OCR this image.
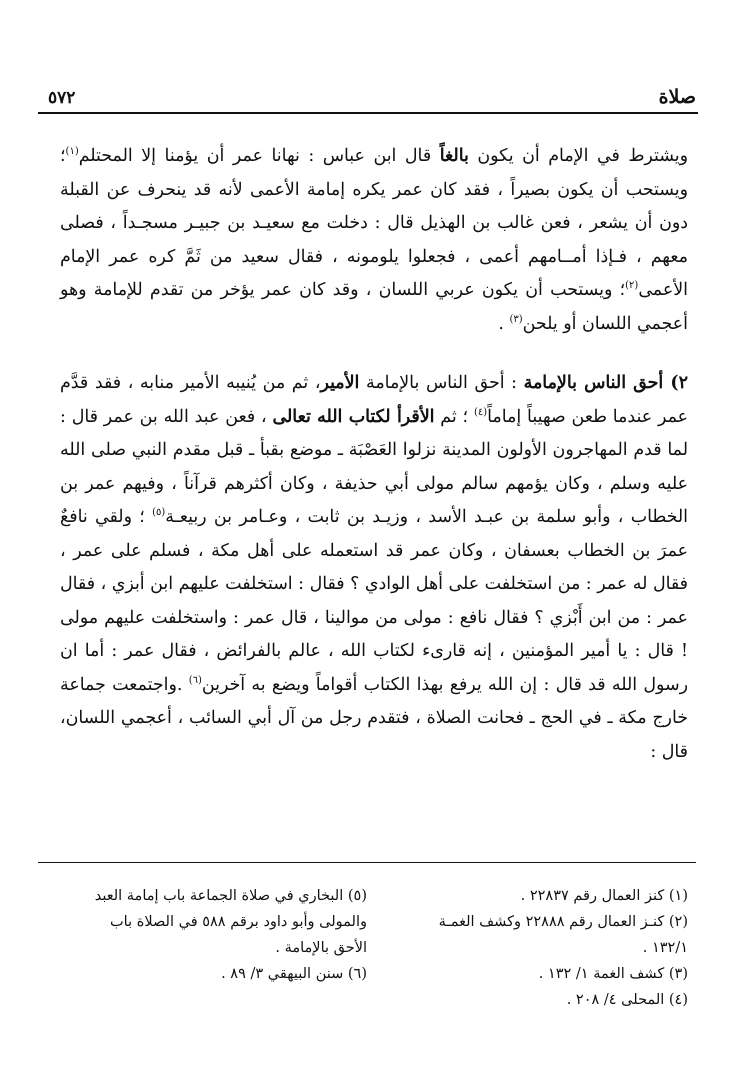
صلاة
٥٧٢

ويشترط في الإمام أن يكون بالغاً قال ابن عباس : نهانا عمر أن يؤمنا إلا المحتلم$^{(١)}$؛ويستحب أن يكون بصيراً ، فقد كان عمر يكره إمامة الأعمى لأنه قد ينحرف عن القبلة دون أن يشعر ، فعن غالب بن الهذيل قال : دخلت مع سعيـد بن جبيـر مسجـداً ، فصلى معهم ، فـإذا أمــامهم أعمى ، فجعلوا يلومونه ، فقال سعيد من ثَمَّ كره عمر الإمام الأعمى$^{(٢)}$؛ ويستحب أن يكون عربي اللسان ، وقد كان عمر يؤخر من تقدم للإمامة وهو أعجمي اللسان أو يلحن$^{(٣)}$ .

٢) أحق الناس بالإمامة : أحق الناس بالإمامة الأمير، ثم من يُنيبه الأمير منابه ، فقد قدَّم عمر عندما طعن صهيباً إماماً$^{(٤)}$ ؛ ثم الأقرأ لكتاب الله تعالى ، فعن عبد الله بن عمر قال : لما قدم المهاجرون الأولون المدينة نزلوا العَصْبَة ـ موضع بقبأ ـ قبل مقدم النبي صلى الله عليه وسلم ، وكان يؤمهم سالم مولى أبي حذيفة ، وكان أكثرهم قرآناً ، وفيهم عمر بن الخطاب ، وأبو سلمة بن عبـد الأسد ، وزيـد بن ثابت ، وعـامر بن ربيعـة$^{(٥)}$ ؛ ولقي نافعٌ عمرَ بن الخطاب بعسفان ، وكان عمر قد استعمله على أهل مكة ، فسلم على عمر ، فقال له عمر : من استخلفت على أهل الوادي ؟ فقال : استخلفت عليهم ابن أبزي ، فقال عمر : من ابن أَبْزي ؟ فقال نافع : مولى من موالينا ، قال عمر : واستخلفت عليهم مولى ! قال : يا أمير المؤمنين ، إنه قارىء لكتاب الله ، عالم بالفرائض ، فقال عمر : أما ان رسول الله قد قال : إن الله يرفع بهذا الكتاب أقواماً ويضع به آخرين$^{(٦)}$ .واجتمعت جماعة خارج مكة ـ في الحج ـ فحانت الصلاة ، فتقدم رجل من آل أبي السائب ، أعجمي اللسان، قال :

(١) كنز العمال رقم ٢٢٨٣٧ .

(٢) كنـز العمال رقم ٢٢٨٨٨ وكشف الغمـة

١٣٢/١ .

(٣) كشف الغمة ١/ ١٣٢ .

(٤) المحلى ٤/ ٢٠٨ .

(٥) البخاري في صلاة الجماعة باب إمامة العبد

والمولى وأبو داود برقم ٥٨٨ في الصلاة باب

الأحق بالإمامة .

(٦) سنن البيهقي ٣/ ٨٩ .
